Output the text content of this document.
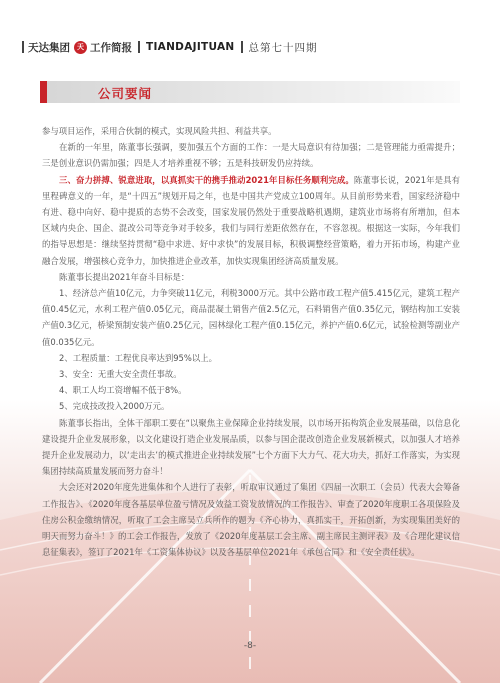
天达集团 天 工作简报 TIANDAJITUAN 总第七十四期
公司要闻

参与项目运作，采用合伙制的模式，实现风险共担、利益共享。

在新的一年里，陈董事长强调，要加强五个方面的工作：一是大局意识有待加强；二是管理能力亟需提升；三是创业意识仍需加强；四是人才培养重视不够；五是科技研发仍应持续。

三、奋力拼搏、锐意进取，以真抓实干的携手推动2021年目标任务顺利完成。陈董事长说，2021年是具有里程碑意义的一年，是“十四五”规划开局之年，也是中国共产党成立100周年。从目前形势来看，国家经济稳中有进、稳中向好、稳中提质的态势不会改变，国家发展仍然处于重要战略机遇期，建筑业市场将有所增加，但本区域内央企、国企、混改公司等竞争对手较多，我们与同行差距依然存在，不容忽视。根据这一实际，今年我们的指导思想是：继续坚持贯彻“稳中求进、好中求快”的发展目标，积极调整经营策略，着力开拓市场，构建产业融合发展，增强核心竞争力，加快推进企业改革，加快实现集团经济高质量发展。

陈董事长提出2021年奋斗目标是：

1、经济总产值10亿元，力争突破11亿元，利税3000万元。其中公路市政工程产值5.415亿元，建筑工程产值0.45亿元，水利工程产值0.05亿元，商品混凝土销售产值2.5亿元，石料销售产值0.35亿元，钢结构加工安装产值0.3亿元，桥梁预制安装产值0.25亿元，园林绿化工程产值0.15亿元，养护产值0.6亿元，试验检测等副业产值0.035亿元。

2、工程质量：工程优良率达到95%以上。

3、安全：无重大安全责任事故。

4、职工人均工资增幅不低于8%。

5、完成技改投入2000万元。

陈董事长指出，全体干部职工要在“以聚焦主业保障企业持续发展，以市场开拓构筑企业发展基础，以信息化建设提升企业发展形象，以文化建设打造企业发展品质，以参与国企混改创造企业发展新模式，以加强人才培养提升企业发展动力，以‘走出去’的模式推进企业持续发展”七个方面下大力气、花大功夫，抓好工作落实，为实现集团持续高质量发展而努力奋斗！

大会还对2020年度先进集体和个人进行了表彰，听取审议通过了集团《四届一次职工（会员）代表大会筹备工作报告》、《2020年度各基层单位盈亏情况及效益工资发放情况的工作报告》、审查了2020年度职工各项保险及住房公积金缴纳情况，听取了工会主席吴立兵所作的题为《齐心协力，真抓实干，开拓创新，为实现集团美好的明天而努力奋斗！》的工会工作报告，发放了《2020年度基层工会主席、副主席民主测评表》及《合理化建议信息征集表》，签订了2021年《工资集体协议》以及各基层单位2021年《承包合同》和《安全责任状》。

-8-
